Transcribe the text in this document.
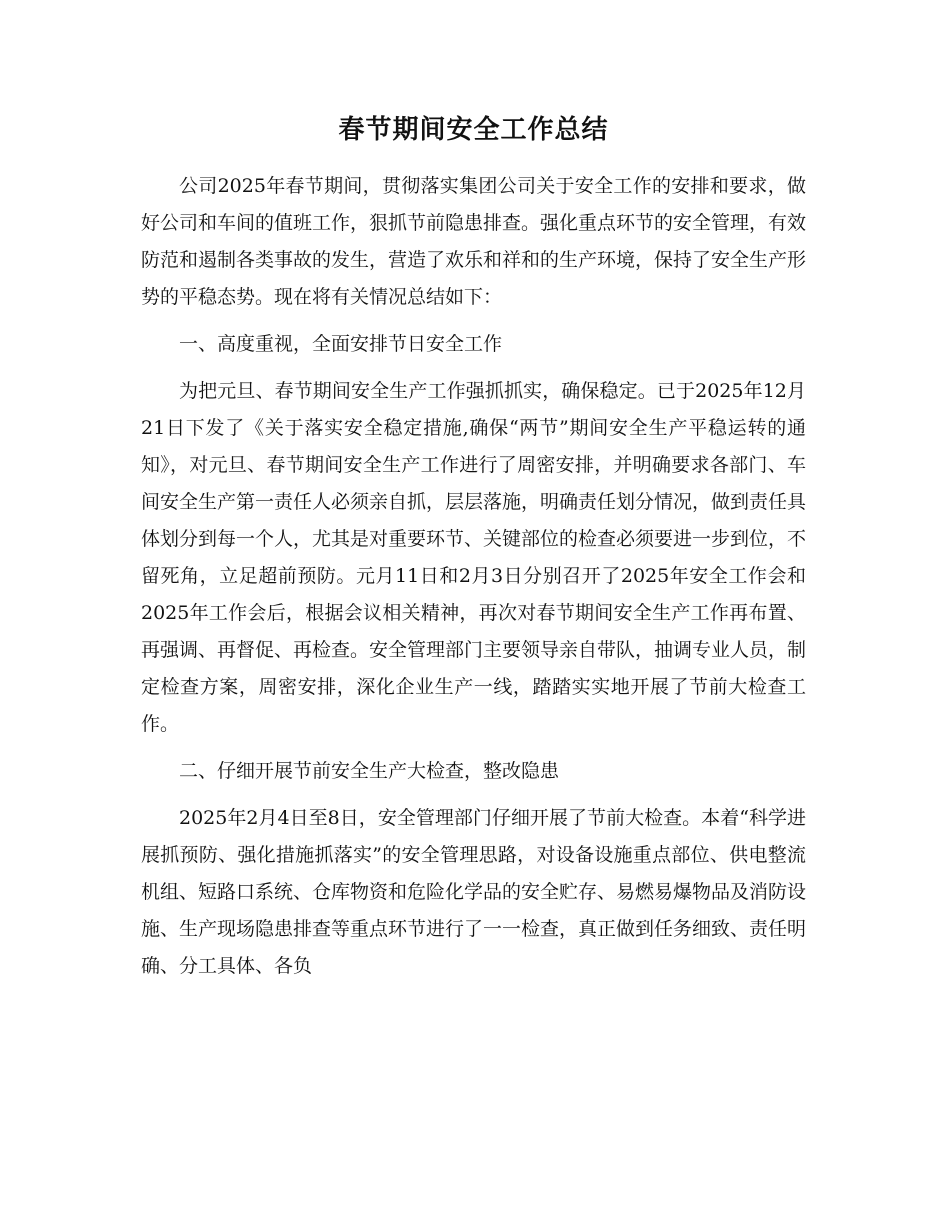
春节期间安全工作总结

公司2025年春节期间，贯彻落实集团公司关于安全工作的安排和要求，做好公司和车间的值班工作，狠抓节前隐患排查。强化重点环节的安全管理，有效防范和遏制各类事故的发生，营造了欢乐和祥和的生产环境，保持了安全生产形势的平稳态势。现在将有关情况总结如下：

一、高度重视，全面安排节日安全工作

为把元旦、春节期间安全生产工作强抓抓实，确保稳定。已于2025年12月21日下发了《关于落实安全稳定措施,确保“两节”期间安全生产平稳运转的通知》，对元旦、春节期间安全生产工作进行了周密安排，并明确要求各部门、车间安全生产第一责任人必须亲自抓，层层落施，明确责任划分情况，做到责任具体划分到每一个人，尤其是对重要环节、关键部位的检查必须要进一步到位，不留死角，立足超前预防。元月11日和2月3日分别召开了2025年安全工作会和2025年工作会后，根据会议相关精神，再次对春节期间安全生产工作再布置、再强调、再督促、再检查。安全管理部门主要领导亲自带队，抽调专业人员，制定检查方案，周密安排，深化企业生产一线，踏踏实实地开展了节前大检查工作。

二、仔细开展节前安全生产大检查，整改隐患

2025年2月4日至8日，安全管理部门仔细开展了节前大检查。本着“科学进展抓预防、强化措施抓落实”的安全管理思路，对设备设施重点部位、供电整流机组、短路口系统、仓库物资和危险化学品的安全贮存、易燃易爆物品及消防设施、生产现场隐患排查等重点环节进行了一一检查，真正做到任务细致、责任明确、分工具体、各负
